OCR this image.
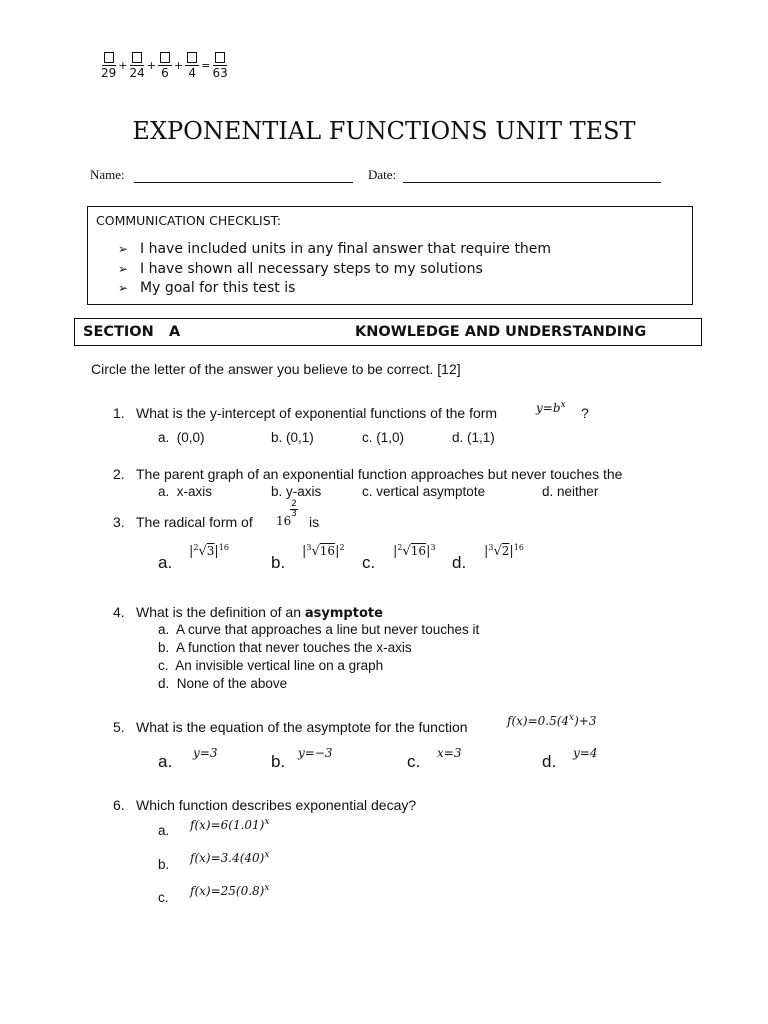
29
+
24
+
6
+
4
=
63
EXPONENTIAL FUNCTIONS UNIT TEST
Name:	Date:
COMMUNICATION CHECKLIST:
➢ I have included units in any final answer that require them
➢ I have shown all necessary steps to my solutions
➢ My goal for this test is
SECTION A	KNOWLEDGE AND UNDERSTANDING
Circle the letter of the answer you believe to be correct. [12]
1. What is the y-intercept of exponential functions of the form	$y=b^x$ ?
a. (0,0)	b. (0,1)	c. (1,0)	d. (1,1)
2. The parent graph of an exponential function approaches but never touches the
a. x-axis	b. y-axis	c. vertical asymptote	d. neither
3. The radical form of 16
2
3 is
a.
$|^2√3|^{16}$
b.
$|^3√16|^2$
c.
$|^2√16|^3$
d.
$|^3√2|^{16}$
4. What is the definition of an asymptote
a. A curve that approaches a line but never touches it
b. A function that never touches the x-axis
c. An invisible vertical line on a graph
d. None of the above
5. What is the equation of the asymptote for the function	$f(x)=0.5(4^x)+3$
a. y=3	b. y=−3	c. x=3	d. y=4
6. Which function describes exponential decay?
a. $f(x)=6(1.01)^x$
b. $f(x)=3.4(40)^x$
c. $f(x)=25(0.8)^x$
